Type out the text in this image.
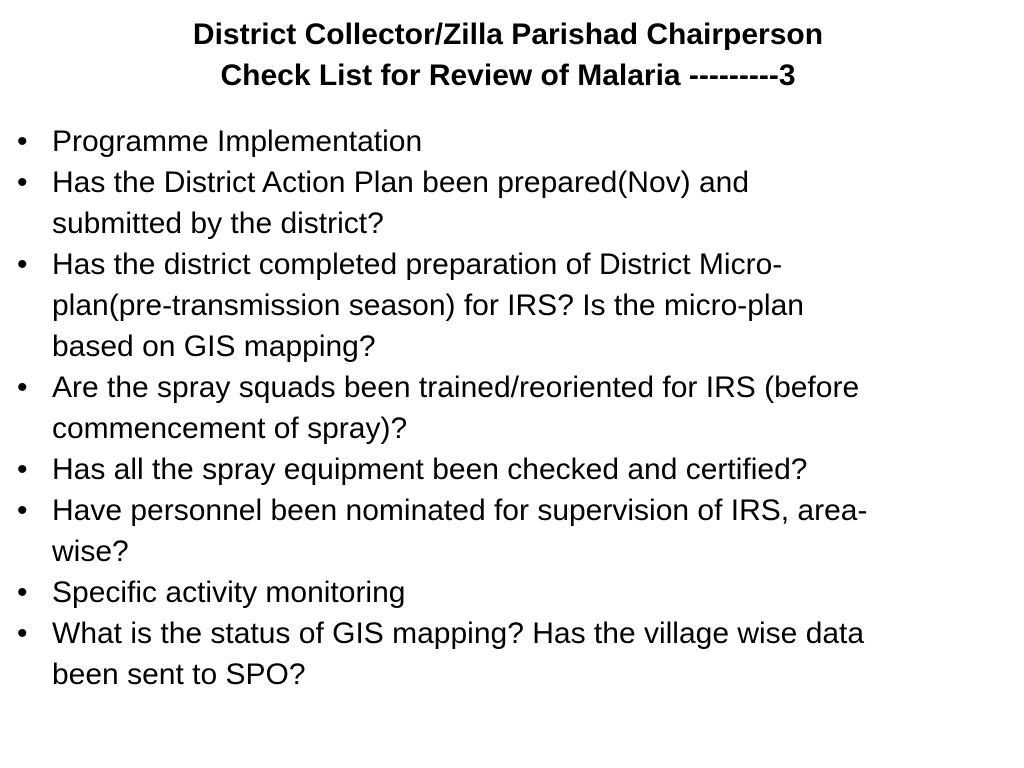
District Collector/Zilla Parishad Chairperson
Check List for Review of Malaria ---------3
• Programme Implementation
• Has the District Action Plan been prepared(Nov) and
submitted by the district?
• Has the district completed preparation of District Micro-
plan(pre-transmission season) for IRS? Is the micro-plan
based on GIS mapping?
• Are the spray squads been trained/reoriented for IRS (before
commencement of spray)?
• Has all the spray equipment been checked and certified?
• Have personnel been nominated for supervision of IRS, area-
wise?
• Specific activity monitoring
• What is the status of GIS mapping? Has the village wise data
been sent to SPO?
